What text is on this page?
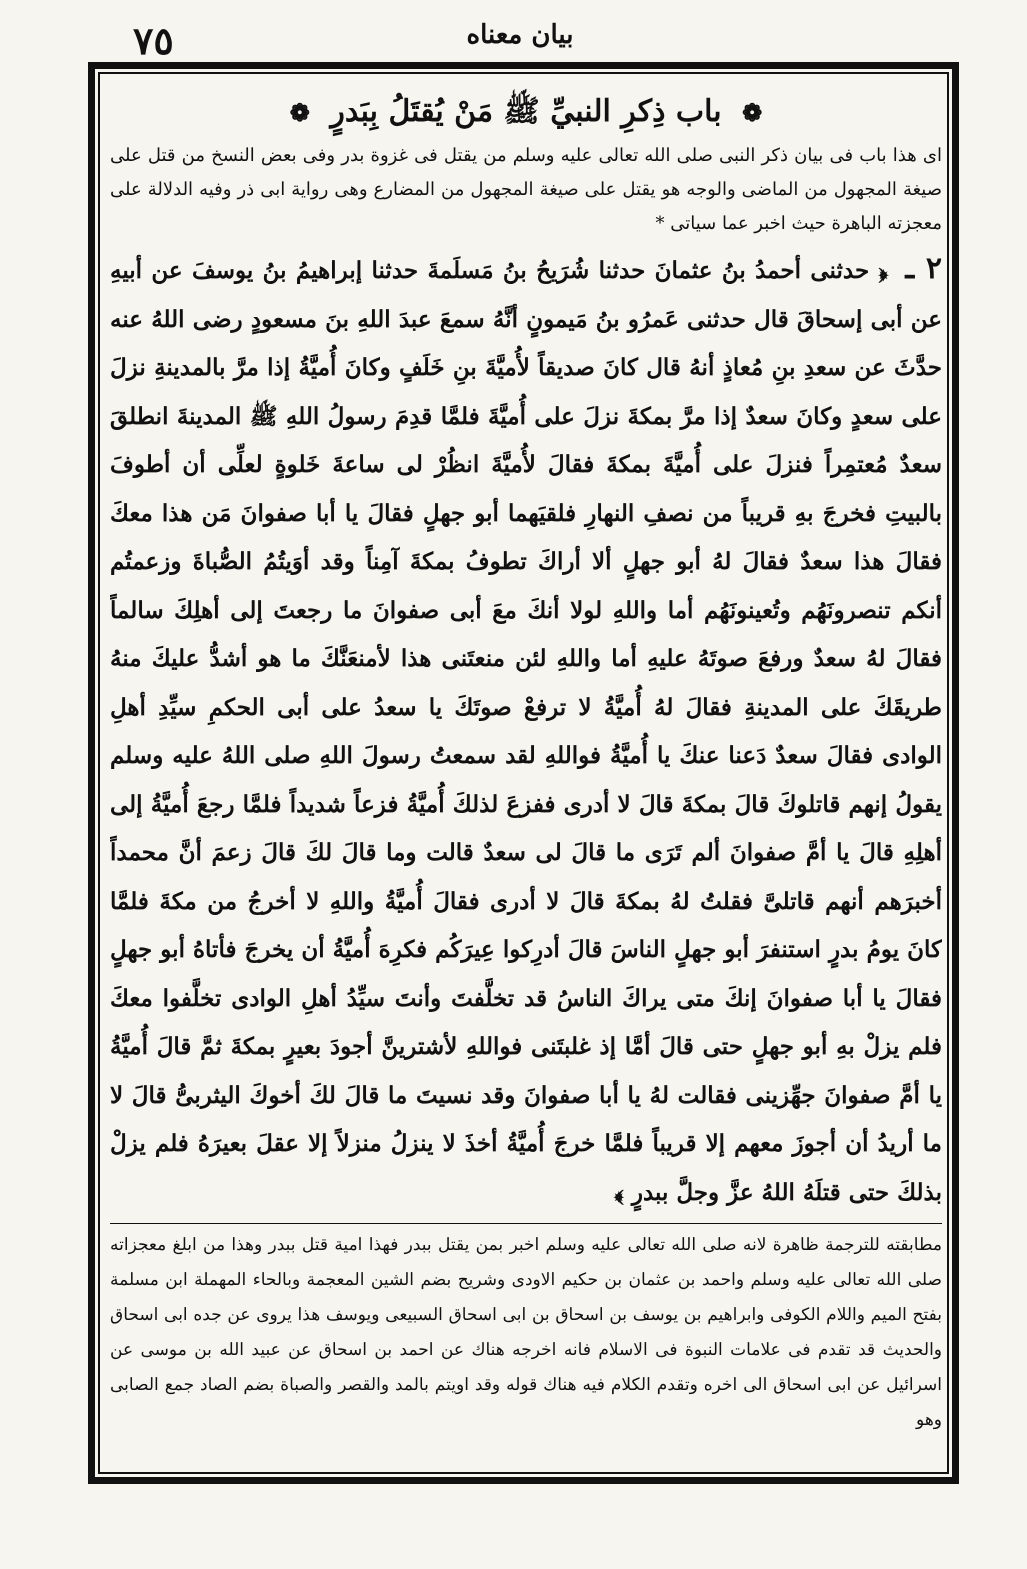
٧٥	بيان معناه
❁ باب ذِكرِ النبيِّ ﷺ مَنْ يُقتَلُ بِبَدرٍ ❁

اى هذا باب فى بيان ذكر النبى صلى الله تعالى عليه وسلم من يقتل فى غزوة بدر وفى بعض النسخ من قتل على صيغة المجهول من الماضى والوجه هو يقتل على صيغة المجهول من المضارع وهى رواية ابى ذر وفيه الدلالة على معجزته الباهرة حيث اخبر عما سياتى *

٢ ـ ﴿ حدثنى أحمدُ بنُ عثمانَ حدثنا شُرَيحُ بنُ مَسلَمةَ حدثنا إبراهيمُ بنُ يوسفَ عن أبيهِ عن أبى إسحاقَ قال حدثنى عَمرُو بنُ مَيمونٍ أنَّهُ سمعَ عبدَ اللهِ بنَ مسعودٍ رضى اللهُ عنه حدَّثَ عن سعدِ بنِ مُعاذٍ أنهُ قال كانَ صديقاً لأُميَّةَ بنِ خَلَفٍ وكانَ أُميَّةُ إذا مرَّ بالمدينةِ نزلَ على سعدٍ وكانَ سعدٌ إذا مرَّ بمكةَ نزلَ على أُميَّةَ فلمَّا قدِمَ رسولُ اللهِ ﷺ المدينةَ انطلقَ سعدٌ مُعتمِراً فنزلَ على أُميَّةَ بمكةَ فقالَ لأُميَّةَ انظُرْ لى ساعةَ خَلوةٍ لعلِّى أن أطوفَ بالبيتِ فخرجَ بهِ قريباً من نصفِ النهارِ فلقيَهما أبو جهلٍ فقالَ يا أبا صفوانَ مَن هذا معكَ فقالَ هذا سعدٌ فقالَ لهُ أبو جهلٍ ألا أراكَ تطوفُ بمكةَ آمِناً وقد أوَيتُمُ الصُّباةَ وزعمتُم أنكم تنصرونَهُم وتُعينونَهُم أما واللهِ لولا أنكَ معَ أبى صفوانَ ما رجعتَ إلى أهلِكَ سالماً فقالَ لهُ سعدٌ ورفعَ صوتَهُ عليهِ أما واللهِ لئن منعتَنى هذا لأمنعَنَّكَ ما هو أشدُّ عليكَ منهُ طريقَكَ على المدينةِ فقالَ لهُ أُميَّةُ لا ترفعْ صوتَكَ يا سعدُ على أبى الحكمِ سيِّدِ أهلِ الوادى فقالَ سعدٌ دَعنا عنكَ يا أُميَّةُ فواللهِ لقد سمعتُ رسولَ اللهِ صلى اللهُ عليه وسلم يقولُ إنهم قاتلوكَ قالَ بمكةَ قالَ لا أدرى ففزعَ لذلكَ أُميَّةُ فزعاً شديداً فلمَّا رجعَ أُميَّةُ إلى أهلِهِ قالَ يا أمَّ صفوانَ ألم تَرَى ما قالَ لى سعدٌ قالت وما قالَ لكَ قالَ زعمَ أنَّ محمداً أخبرَهم أنهم قاتلىَّ فقلتُ لهُ بمكةَ قالَ لا أدرى فقالَ أُميَّةُ واللهِ لا أخرجُ من مكةَ فلمَّا كانَ يومُ بدرٍ استنفرَ أبو جهلٍ الناسَ قالَ أدرِكوا عِيرَكُم فكرِهَ أُميَّةُ أن يخرجَ فأتاهُ أبو جهلٍ فقالَ يا أبا صفوانَ إنكَ متى يراكَ الناسُ قد تخلَّفتَ وأنتَ سيِّدُ أهلِ الوادى تخلَّفوا معكَ فلم يزلْ بهِ أبو جهلٍ حتى قالَ أمَّا إذ غلبتَنى فواللهِ لأشترينَّ أجودَ بعيرٍ بمكةَ ثمَّ قالَ أُميَّةُ يا أمَّ صفوانَ جهِّزينى فقالت لهُ يا أبا صفوانَ وقد نسيتَ ما قالَ لكَ أخوكَ اليثربىُّ قالَ لا ما أريدُ أن أجوزَ معهم إلا قريباً فلمَّا خرجَ أُميَّةُ أخذَ لا ينزلُ منزلاً إلا عقلَ بعيرَهُ فلم يزلْ بذلكَ حتى قتلَهُ اللهُ عزَّ وجلَّ ببدرٍ ﴾

مطابقته للترجمة ظاهرة لانه صلى الله تعالى عليه وسلم اخبر بمن يقتل ببدر فهذا امية قتل ببدر وهذا من ابلغ معجزاته صلى الله تعالى عليه وسلم واحمد بن عثمان بن حكيم الاودى وشريح بضم الشين المعجمة وبالحاء المهملة ابن مسلمة بفتح الميم واللام الكوفى وابراهيم بن يوسف بن اسحاق بن ابى اسحاق السبيعى ويوسف هذا يروى عن جده ابى اسحاق والحديث قد تقدم فى علامات النبوة فى الاسلام فانه اخرجه هناك عن احمد بن اسحاق عن عبيد الله بن موسى عن اسرائيل عن ابى اسحاق الى اخره وتقدم الكلام فيه هناك قوله وقد اويتم بالمد والقصر والصباة بضم الصاد جمع الصابى وهو
